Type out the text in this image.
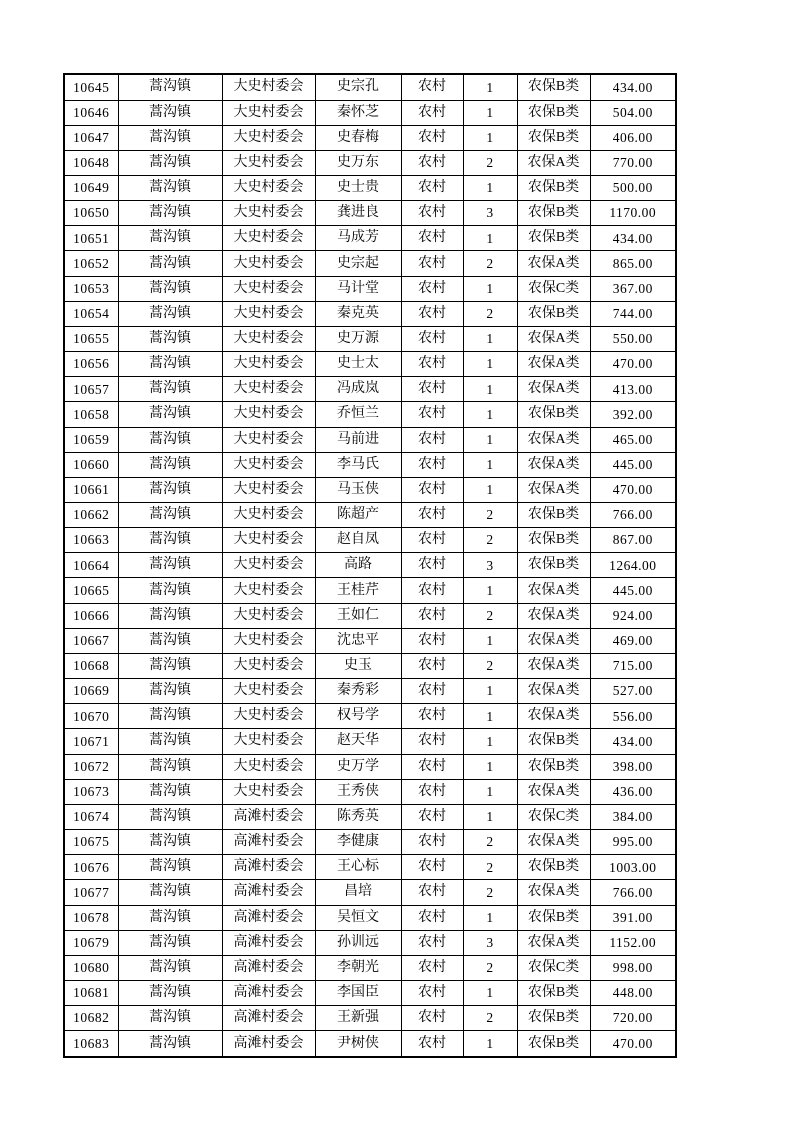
10645	蒿沟镇	大史村委会	史宗孔	农村	1	农保B类	434.00
10646	蒿沟镇	大史村委会	秦怀芝	农村	1	农保B类	504.00
10647	蒿沟镇	大史村委会	史春梅	农村	1	农保B类	406.00
10648	蒿沟镇	大史村委会	史万东	农村	2	农保A类	770.00
10649	蒿沟镇	大史村委会	史士贵	农村	1	农保B类	500.00
10650	蒿沟镇	大史村委会	龚进良	农村	3	农保B类	1170.00
10651	蒿沟镇	大史村委会	马成芳	农村	1	农保B类	434.00
10652	蒿沟镇	大史村委会	史宗起	农村	2	农保A类	865.00
10653	蒿沟镇	大史村委会	马计堂	农村	1	农保C类	367.00
10654	蒿沟镇	大史村委会	秦克英	农村	2	农保B类	744.00
10655	蒿沟镇	大史村委会	史万源	农村	1	农保A类	550.00
10656	蒿沟镇	大史村委会	史士太	农村	1	农保A类	470.00
10657	蒿沟镇	大史村委会	冯成岚	农村	1	农保A类	413.00
10658	蒿沟镇	大史村委会	乔恒兰	农村	1	农保B类	392.00
10659	蒿沟镇	大史村委会	马前进	农村	1	农保A类	465.00
10660	蒿沟镇	大史村委会	李马氏	农村	1	农保A类	445.00
10661	蒿沟镇	大史村委会	马玉侠	农村	1	农保A类	470.00
10662	蒿沟镇	大史村委会	陈超产	农村	2	农保B类	766.00
10663	蒿沟镇	大史村委会	赵自凤	农村	2	农保B类	867.00
10664	蒿沟镇	大史村委会	高路	农村	3	农保B类	1264.00
10665	蒿沟镇	大史村委会	王桂芹	农村	1	农保A类	445.00
10666	蒿沟镇	大史村委会	王如仁	农村	2	农保A类	924.00
10667	蒿沟镇	大史村委会	沈忠平	农村	1	农保A类	469.00
10668	蒿沟镇	大史村委会	史玉	农村	2	农保A类	715.00
10669	蒿沟镇	大史村委会	秦秀彩	农村	1	农保A类	527.00
10670	蒿沟镇	大史村委会	权号学	农村	1	农保A类	556.00
10671	蒿沟镇	大史村委会	赵天华	农村	1	农保B类	434.00
10672	蒿沟镇	大史村委会	史万学	农村	1	农保B类	398.00
10673	蒿沟镇	大史村委会	王秀侠	农村	1	农保A类	436.00
10674	蒿沟镇	高滩村委会	陈秀英	农村	1	农保C类	384.00
10675	蒿沟镇	高滩村委会	李健康	农村	2	农保A类	995.00
10676	蒿沟镇	高滩村委会	王心标	农村	2	农保B类	1003.00
10677	蒿沟镇	高滩村委会	昌培	农村	2	农保A类	766.00
10678	蒿沟镇	高滩村委会	吴恒文	农村	1	农保B类	391.00
10679	蒿沟镇	高滩村委会	孙训远	农村	3	农保A类	1152.00
10680	蒿沟镇	高滩村委会	李朝光	农村	2	农保C类	998.00
10681	蒿沟镇	高滩村委会	李国臣	农村	1	农保B类	448.00
10682	蒿沟镇	高滩村委会	王新强	农村	2	农保B类	720.00
10683	蒿沟镇	高滩村委会	尹树侠	农村	1	农保B类	470.00
